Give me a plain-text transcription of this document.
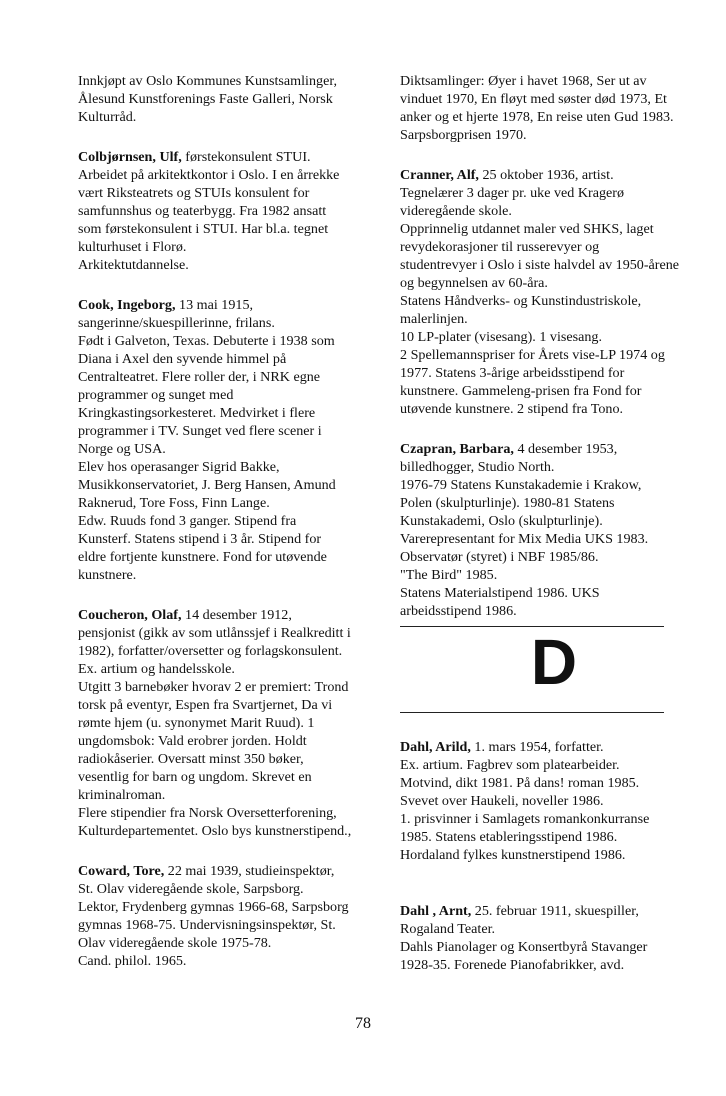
Innkjøpt av Oslo Kommunes Kunstsamlinger,
Ålesund Kunstforenings Faste Galleri, Norsk
Kulturråd.
Colbjørnsen, Ulf, førstekonsulent STUI.
Arbeidet på arkitektkontor i Oslo. I en årrekke
vært Riksteatrets og STUIs konsulent for
samfunnshus og teaterbygg. Fra 1982 ansatt
som førstekonsulent i STUI. Har bl.a. tegnet
kulturhuset i Florø.
Arkitektutdannelse.
Cook, Ingeborg, 13 mai 1915,
sangerinne/skuespillerinne, frilans.
Født i Galveton, Texas. Debuterte i 1938 som
Diana i Axel den syvende himmel på
Centralteatret. Flere roller der, i NRK egne
programmer og sunget med
Kringkastingsorkesteret. Medvirket i flere
programmer i TV. Sunget ved flere scener i
Norge og USA.
Elev hos operasanger Sigrid Bakke,
Musikkonservatoriet, J. Berg Hansen, Amund
Raknerud, Tore Foss, Finn Lange.
Edw. Ruuds fond 3 ganger. Stipend fra
Kunsterf. Statens stipend i 3 år. Stipend for
eldre fortjente kunstnere. Fond for utøvende
kunstnere.
Coucheron, Olaf, 14 desember 1912,
pensjonist (gikk av som utlånssjef i Realkreditt i
1982), forfatter/oversetter og forlagskonsulent.
Ex. artium og handelsskole.
Utgitt 3 barnebøker hvorav 2 er premiert: Trond
torsk på eventyr, Espen fra Svartjernet, Da vi
rømte hjem (u. synonymet Marit Ruud). 1
ungdomsbok: Vald erobrer jorden. Holdt
radiokåserier. Oversatt minst 350 bøker,
vesentlig for barn og ungdom. Skrevet en
kriminalroman.
Flere stipendier fra Norsk Oversetterforening,
Kulturdepartementet. Oslo bys kunstnerstipend.,
Coward, Tore, 22 mai 1939, studieinspektør,
St. Olav videregående skole, Sarpsborg.
Lektor, Frydenberg gymnas 1966-68, Sarpsborg
gymnas 1968-75. Undervisningsinspektør, St.
Olav videregående skole 1975-78.
Cand. philol. 1965.
Diktsamlinger: Øyer i havet 1968, Ser ut av
vinduet 1970, En fløyt med søster død 1973, Et
anker og et hjerte 1978, En reise uten Gud 1983.
Sarpsborgprisen 1970.
Cranner, Alf, 25 oktober 1936, artist.
Tegnelærer 3 dager pr. uke ved Kragerø
videregående skole.
Opprinnelig utdannet maler ved SHKS, laget
revydekorasjoner til russerevyer og
studentrevyer i Oslo i siste halvdel av 1950-årene
og begynnelsen av 60-åra.
Statens Håndverks- og Kunstindustriskole,
malerlinjen.
10 LP-plater (visesang). 1 visesang.
2 Spellemannspriser for Årets vise-LP 1974 og
1977. Statens 3-årige arbeidsstipend for
kunstnere. Gammeleng-prisen fra Fond for
utøvende kunstnere. 2 stipend fra Tono.
Czapran, Barbara, 4 desember 1953,
billedhogger, Studio North.
1976-79 Statens Kunstakademie i Krakow,
Polen (skulpturlinje). 1980-81 Statens
Kunstakademi, Oslo (skulpturlinje).
Varerepresentant for Mix Media UKS 1983.
Observatør (styret) i NBF 1985/86.
"The Bird" 1985.
Statens Materialstipend 1986. UKS
arbeidsstipend 1986.
D
Dahl, Arild, 1. mars 1954, forfatter.
Ex. artium. Fagbrev som platearbeider.
Motvind, dikt 1981. På dans! roman 1985.
Svevet over Haukeli, noveller 1986.
1. prisvinner i Samlagets romankonkurranse
1985. Statens etableringsstipend 1986.
Hordaland fylkes kunstnerstipend 1986.
Dahl , Arnt, 25. februar 1911, skuespiller,
Rogaland Teater.
Dahls Pianolager og Konsertbyrå Stavanger
1928-35. Forenede Pianofabrikker, avd.
78
